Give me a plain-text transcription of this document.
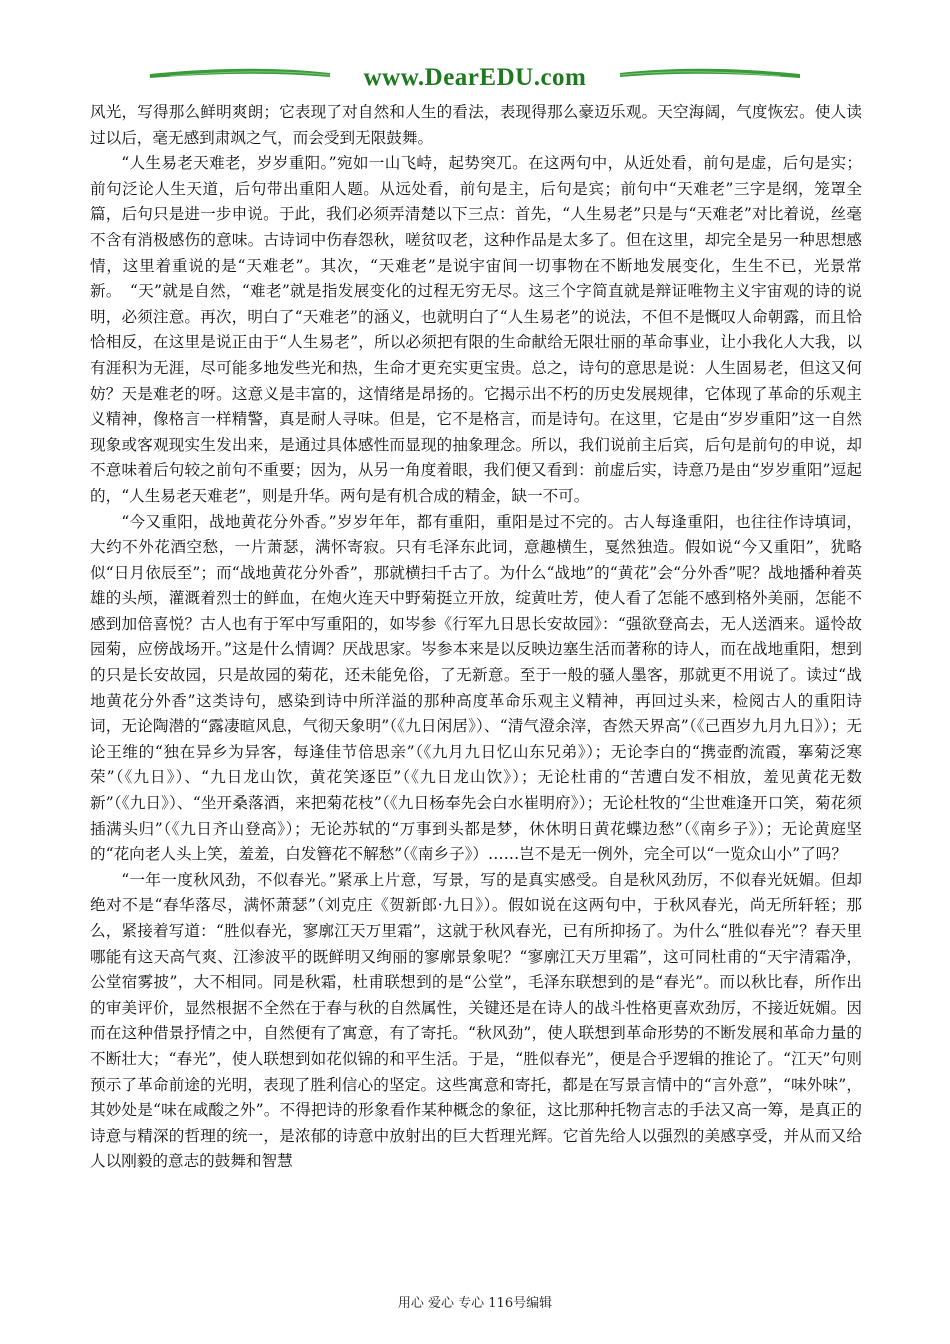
www.DearEDU.com

风光，写得那么鲜明爽朗；它表现了对自然和人生的看法，表现得那么豪迈乐观。天空海阔，气度恢宏。使人读过以后，毫无感到肃飒之气，而会受到无限鼓舞。

“人生易老天难老，岁岁重阳。”宛如一山飞峙，起势突兀。在这两句中，从近处看，前句是虚，后句是实；前句泛论人生天道，后句带出重阳人题。从远处看，前句是主，后句是宾；前句中“天难老”三字是纲，笼罩全篇，后句只是进一步申说。于此，我们必须弄清楚以下三点：首先，“人生易老”只是与“天难老”对比着说，丝毫不含有消极感伤的意味。古诗词中伤春怨秋，嗟贫叹老，这种作品是太多了。但在这里，却完全是另一种思想感情，这里着重说的是“天难老”。其次，“天难老”是说宇宙间一切事物在不断地发展变化，生生不已，光景常新。　“天”就是自然，“难老”就是指发展变化的过程无穷无尽。这三个字简直就是辩证唯物主义宇宙观的诗的说明，必须注意。再次，明白了“天难老”的涵义，也就明白了“人生易老”的说法，不但不是慨叹人命朝露，而且恰恰相反，在这里是说正由于“人生易老”，所以必须把有限的生命献给无限壮丽的革命事业，让小我化人大我，以有涯积为无涯，尽可能多地发些光和热，生命才更充实更宝贵。总之，诗句的意思是说：人生固易老，但这又何妨？天是难老的呀。这意义是丰富的，这情绪是昂扬的。它揭示出不朽的历史发展规律，它体现了革命的乐观主义精神，像格言一样精警，真是耐人寻味。但是，它不是格言，而是诗句。在这里，它是由“岁岁重阳”这一自然现象或客观现实生发出来，是通过具体感性而显现的抽象理念。所以，我们说前主后宾，后句是前句的申说，却不意味着后句较之前句不重要；因为，从另一角度着眼，我们便又看到：前虚后实，诗意乃是由“岁岁重阳”逗起的，“人生易老天难老”，则是升华。两句是有机合成的精金，缺一不可。

“今又重阳，战地黄花分外香。”岁岁年年，都有重阳，重阳是过不完的。古人每逢重阳，也往往作诗填词，大约不外花酒空愁，一片萧瑟，满怀寄寂。只有毛泽东此词，意趣横生，戛然独造。假如说“今又重阳”，犹略似“日月依辰至”；而“战地黄花分外香”，那就横扫千古了。为什么“战地”的“黄花”会“分外香”呢？战地播种着英雄的头颅，灌溉着烈士的鲜血，在炮火连天中野菊挺立开放，绽黄吐芳，使人看了怎能不感到格外美丽，怎能不感到加倍喜悦？古人也有于军中写重阳的，如岑参《行军九日思长安故园》：“强欲登高去，无人送酒来。遥怜故园菊，应傍战场开。”这是什么情调？厌战思家。岑参本来是以反映边塞生活而著称的诗人，而在战地重阳，想到的只是长安故园，只是故园的菊花，还未能免俗，了无新意。至于一般的骚人墨客，那就更不用说了。读过“战地黄花分外香”这类诗句，感染到诗中所洋溢的那种高度革命乐观主义精神，再回过头来，检阅古人的重阳诗词，无论陶潜的“露凄暄风息，气彻天象明”（《九日闲居》）、“清气澄余滓，杳然天界高”（《己酉岁九月九日》）；无论王维的“独在异乡为异客，每逢佳节倍思亲”（《九月九日忆山东兄弟》）；无论李白的“携壶酌流霞，搴菊泛寒荣”（《九日》）、“九日龙山饮，黄花笑逐臣”（《九日龙山饮》）；无论杜甫的“苦遭白发不相放，羞见黄花无数新”（《九日》）、“坐开桑落酒，来把菊花枝”（《九日杨奉先会白水崔明府》）；无论杜牧的“尘世难逢开口笑，菊花须插满头归”（《九日齐山登高》）；无论苏轼的“万事到头都是梦，休休明日黄花蝶边愁”（《南乡子》）；无论黄庭坚的“花向老人头上笑，羞羞，白发簪花不解愁”（《南乡子》）……岂不是无一例外，完全可以“一览众山小”了吗？

“一年一度秋风劲，不似春光。”紧承上片意，写景，写的是真实感受。自是秋风劲厉，不似春光妩媚。但却绝对不是“春华落尽，满怀萧瑟”（刘克庄《贺新郎·九日》）。假如说在这两句中，于秋风春光，尚无所轩轾；那么，紧接着写道：“胜似春光，寥廓江天万里霜”，这就于秋风春光，已有所抑扬了。为什么“胜似春光”？春天里哪能有这天高气爽、江渗波平的既鲜明又绚丽的寥廓景象呢？“寥廓江天万里霜”，这可同杜甫的“天宇清霜净，公堂宿雾披”，大不相同。同是秋霜，杜甫联想到的是“公堂”，毛泽东联想到的是“春光”。而以秋比春，所作出的审美评价，显然根据不全然在于春与秋的自然属性，关键还是在诗人的战斗性格更喜欢劲厉，不接近妩媚。因而在这种借景抒情之中，自然便有了寓意，有了寄托。“秋风劲”，使人联想到革命形势的不断发展和革命力量的不断壮大；“春光”，使人联想到如花似锦的和平生活。于是，“胜似春光”，便是合乎逻辑的推论了。“江天”句则预示了革命前途的光明，表现了胜利信心的坚定。这些寓意和寄托，都是在写景言情中的“言外意”，“味外味”，其妙处是“味在咸酸之外”。不得把诗的形象看作某种概念的象征，这比那种托物言志的手法又高一筹，是真正的诗意与精深的哲理的统一，是浓郁的诗意中放射出的巨大哲理光辉。它首先给人以强烈的美感享受，并从而又给人以刚毅的意志的鼓舞和智慧

用心 爱心 专心 116号编辑
